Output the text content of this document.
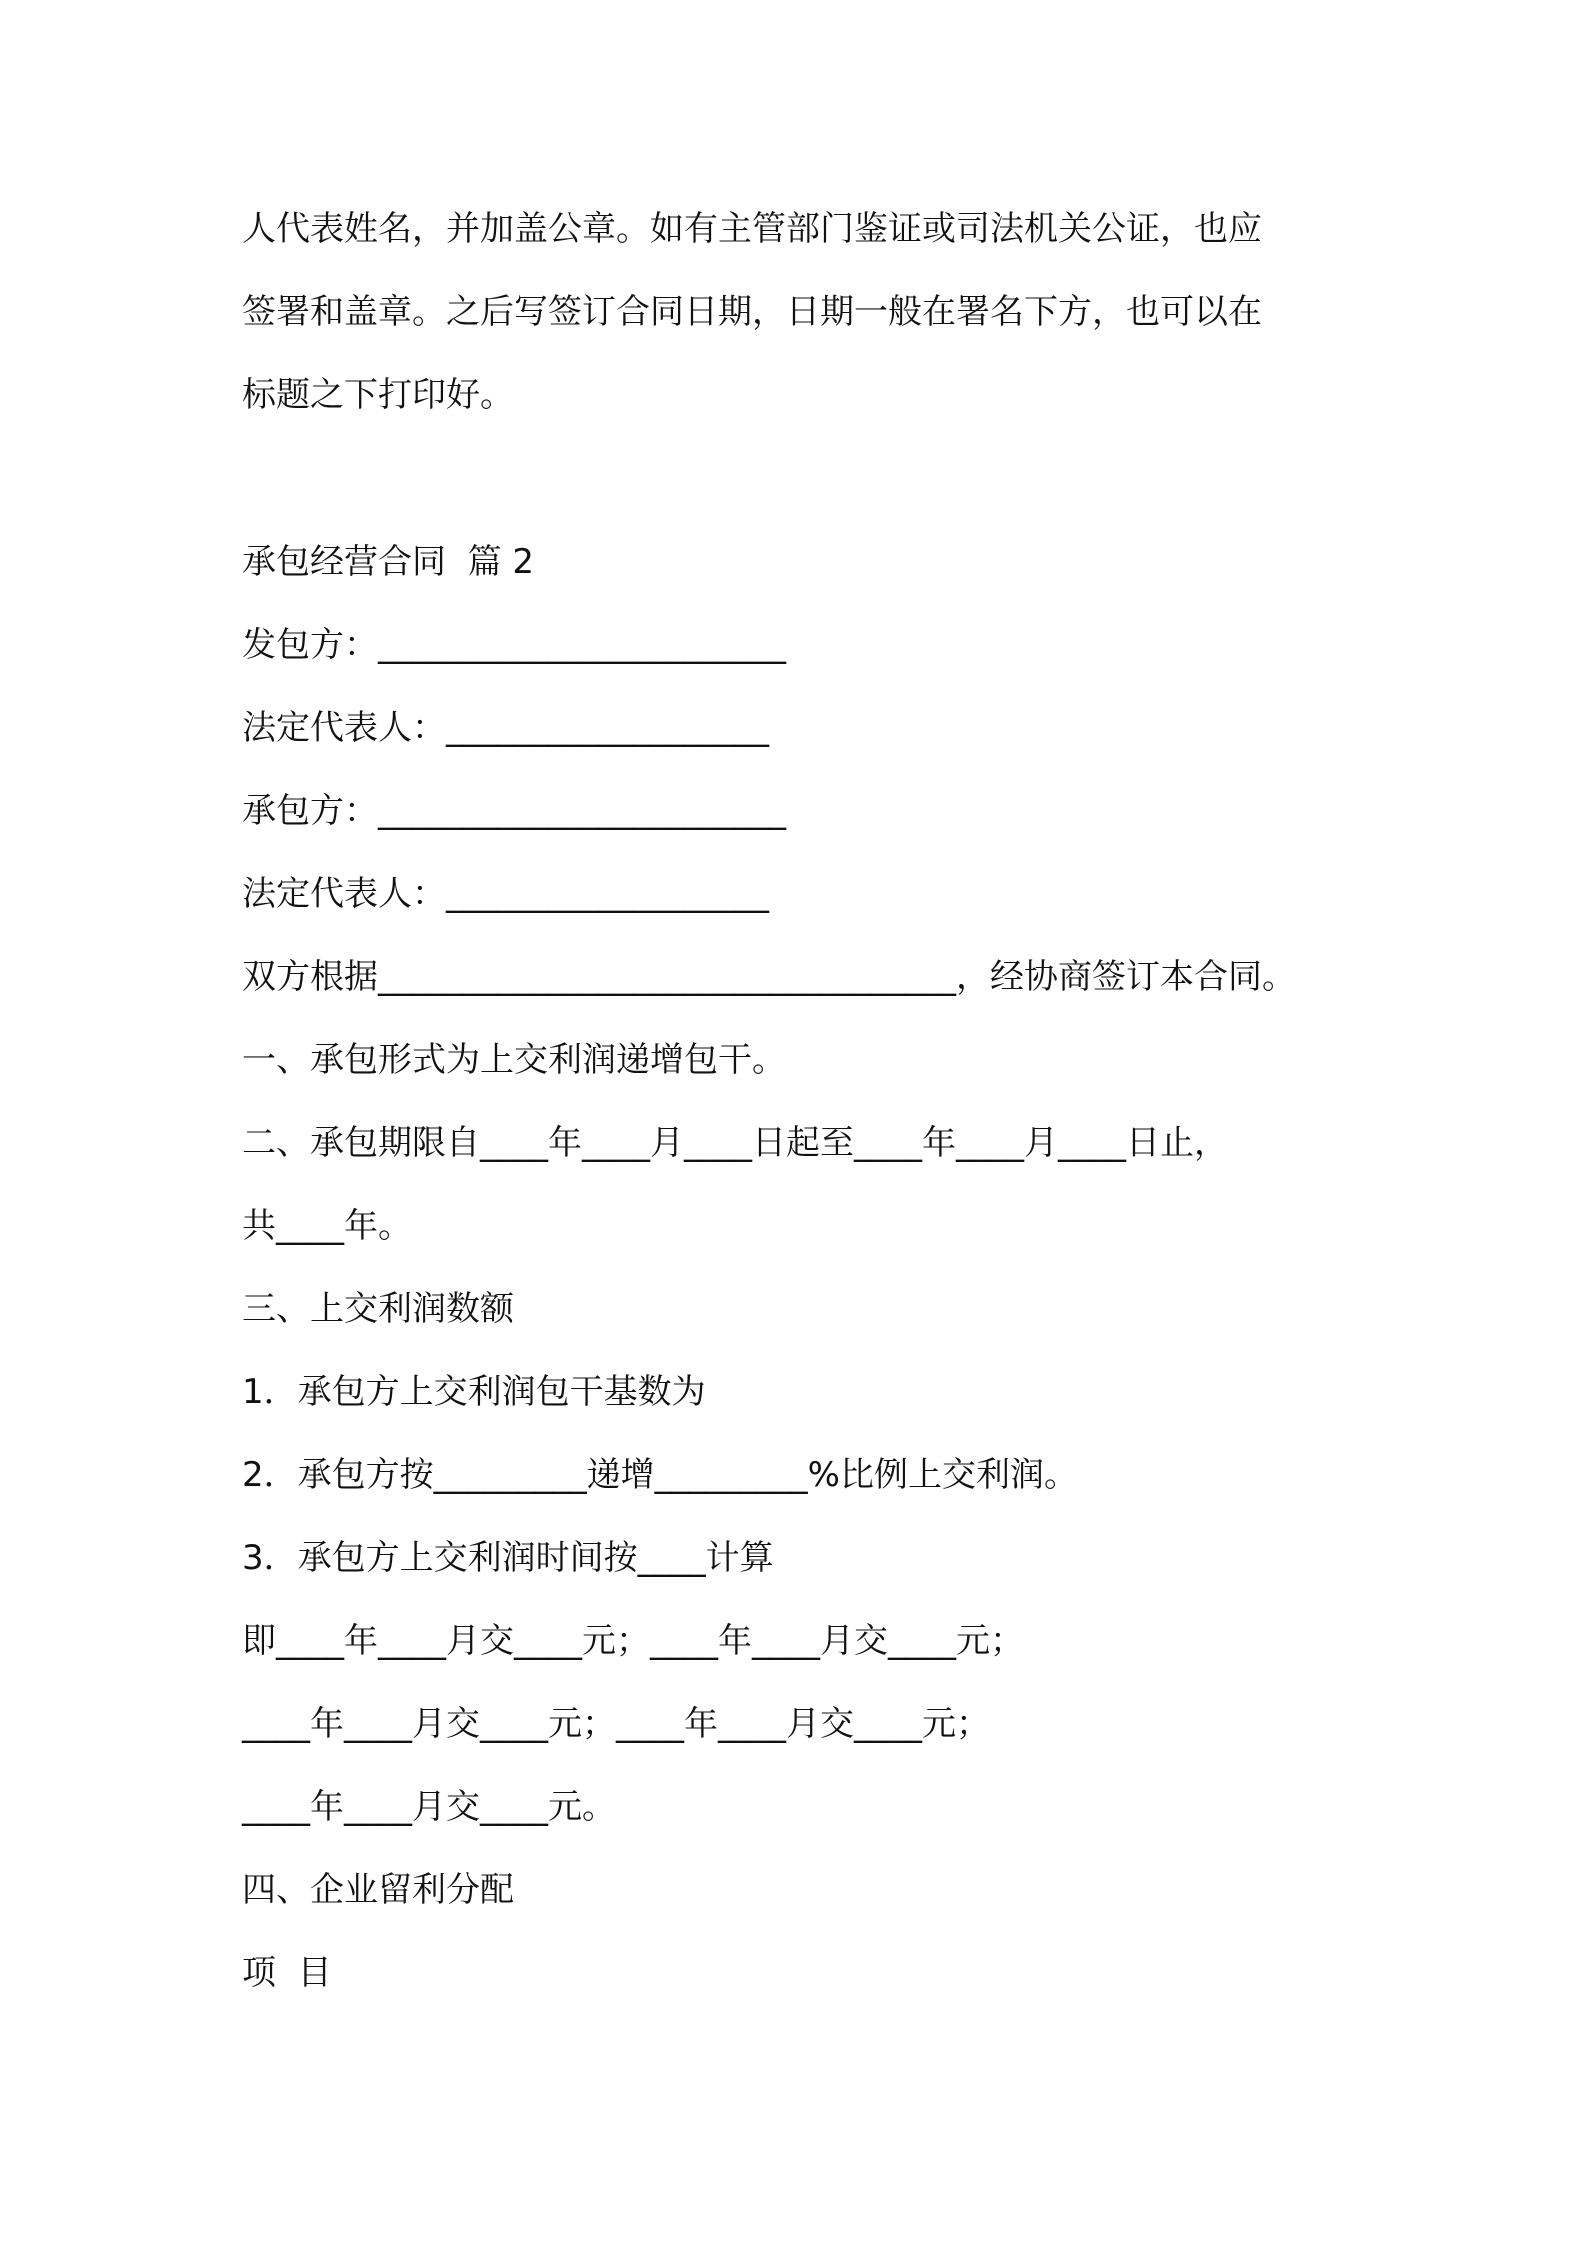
人代表姓名，并加盖公章。如有主管部门鉴证或司法机关公证，也应
签署和盖章。之后写签订合同日期，日期一般在署名下方，也可以在
标题之下打印好。
承包经营合同  篇 2
发包方：________________________
法定代表人：___________________
承包方：________________________
法定代表人：___________________
双方根据__________________________________，经协商签订本合同。
一、承包形式为上交利润递增包干。
二、承包期限自____年____月____日起至____年____月____日止，
共____年。
三、上交利润数额
1．承包方上交利润包干基数为
2．承包方按_________递增_________%比例上交利润。
3．承包方上交利润时间按____计算
即____年____月交____元；____年____月交____元；
____年____月交____元；____年____月交____元；
____年____月交____元。
四、企业留利分配
项  目
